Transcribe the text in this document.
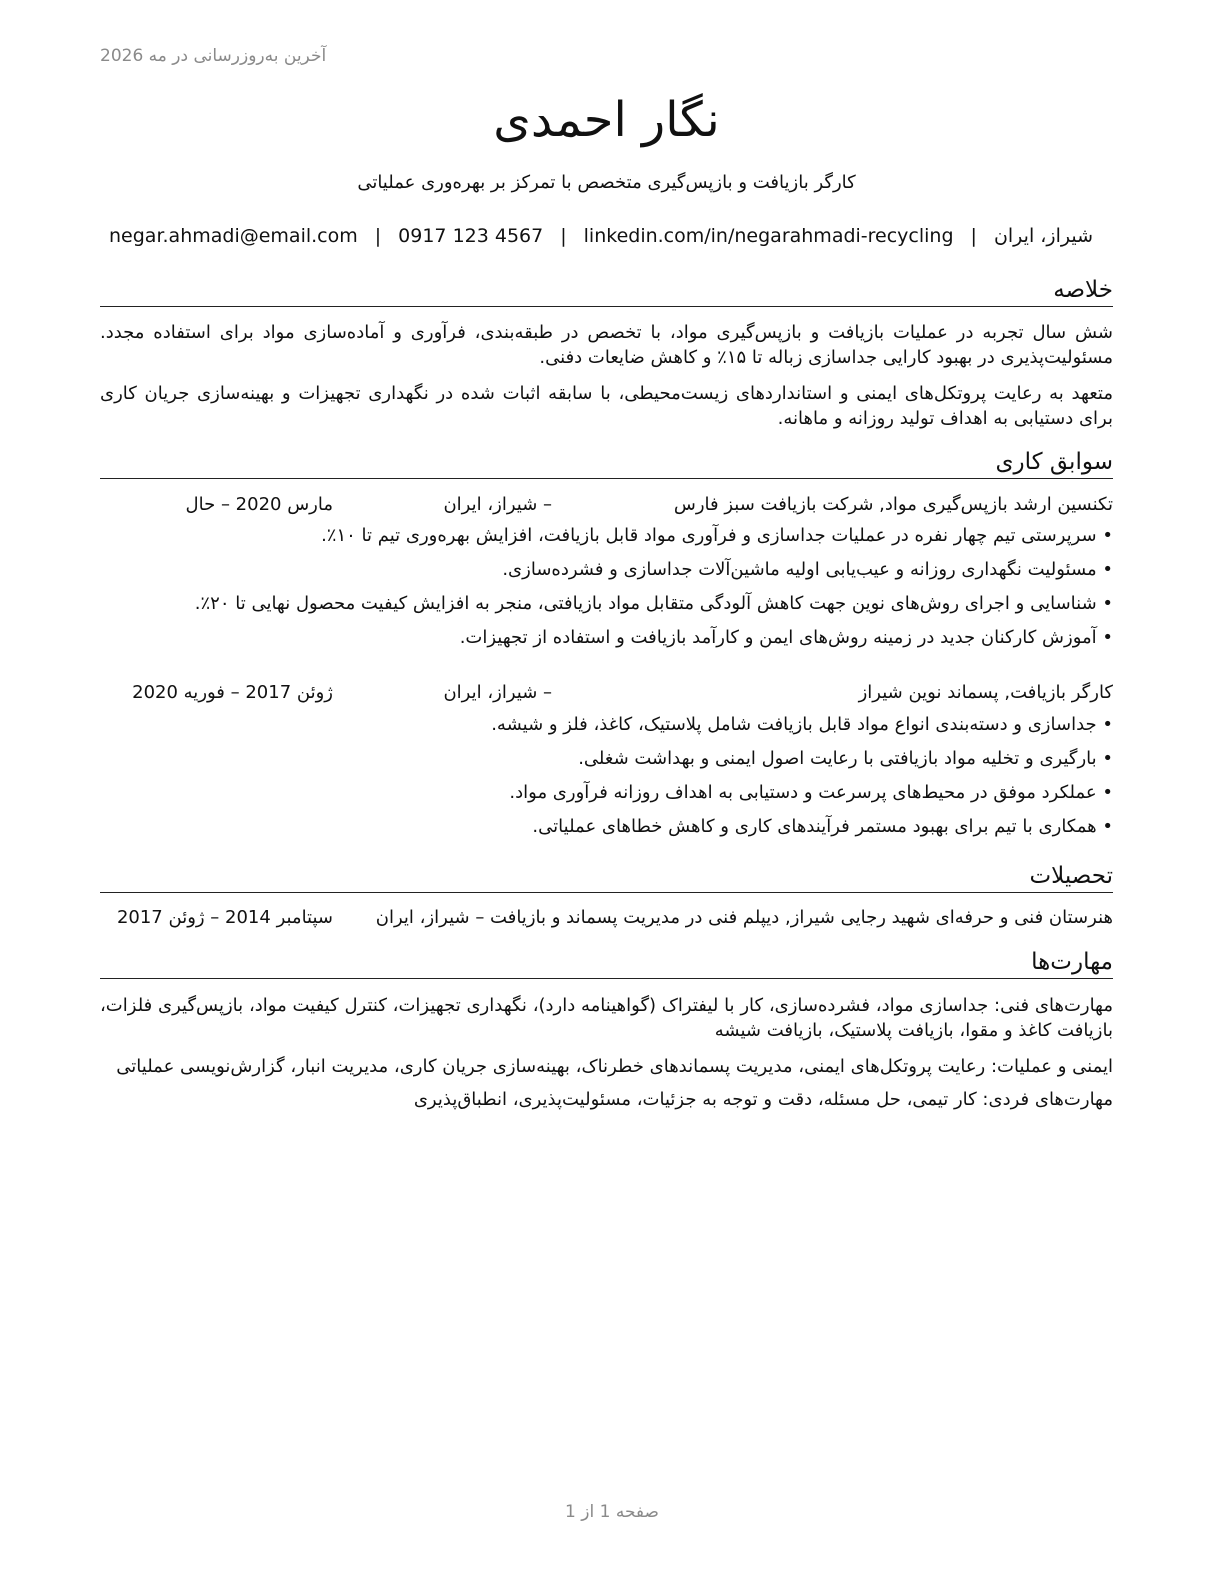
آخرین به‌روزرسانی در مه 2026
نگار احمدی
کارگر بازیافت و بازپس‌گیری متخصص با تمرکز بر بهره‌وری عملیاتی
شیراز، ایران|negar.ahmadi@email.com | 0917 123 4567 | linkedin.com/in/negarahmadi-recycling
خلاصه
شش سال تجربه در عملیات بازیافت و بازپس‌گیری مواد، با تخصص در طبقه‌بندی، فرآوری و آماده‌سازی مواد برای استفاده مجدد. مسئولیت‌پذیری در بهبود کارایی جداسازی زباله تا ۱۵٪ و کاهش ضایعات دفنی.
متعهد به رعایت پروتکل‌های ایمنی و استانداردهای زیست‌محیطی، با سابقه اثبات شده در نگهداری تجهیزات و بهینه‌سازی جریان کاری برای دستیابی به اهداف تولید روزانه و ماهانه.
سوابق کاری
تکنسین ارشد بازپس‌گیری مواد, شرکت بازیافت سبز فارس
– شیراز، ایران
مارس 2020 – حال
• سرپرستی تیم چهار نفره در عملیات جداسازی و فرآوری مواد قابل بازیافت، افزایش بهره‌وری تیم تا ۱۰٪.
• مسئولیت نگهداری روزانه و عیب‌یابی اولیه ماشین‌آلات جداسازی و فشرده‌سازی.
• شناسایی و اجرای روش‌های نوین جهت کاهش آلودگی متقابل مواد بازیافتی، منجر به افزایش کیفیت محصول نهایی تا ۲۰٪.
• آموزش کارکنان جدید در زمینه روش‌های ایمن و کارآمد بازیافت و استفاده از تجهیزات.
کارگر بازیافت, پسماند نوین شیراز
– شیراز، ایران
ژوئن 2017 – فوریه 2020
• جداسازی و دسته‌بندی انواع مواد قابل بازیافت شامل پلاستیک، کاغذ، فلز و شیشه.
• بارگیری و تخلیه مواد بازیافتی با رعایت اصول ایمنی و بهداشت شغلی.
• عملکرد موفق در محیط‌های پرسرعت و دستیابی به اهداف روزانه فرآوری مواد.
• همکاری با تیم برای بهبود مستمر فرآیندهای کاری و کاهش خطاهای عملیاتی.
تحصیلات
هنرستان فنی و حرفه‌ای شهید رجایی شیراز, دیپلم فنی در مدیریت پسماند و بازیافت – شیراز، ایران
سپتامبر 2014 – ژوئن 2017
مهارت‌ها
مهارت‌های فنی: جداسازی مواد، فشرده‌سازی، کار با لیفتراک (گواهینامه دارد)، نگهداری تجهیزات، کنترل کیفیت مواد، بازپس‌گیری فلزات، بازیافت کاغذ و مقوا، بازیافت پلاستیک، بازیافت شیشه
ایمنی و عملیات: رعایت پروتکل‌های ایمنی، مدیریت پسماندهای خطرناک، بهینه‌سازی جریان کاری، مدیریت انبار، گزارش‌نویسی عملیاتی
مهارت‌های فردی: کار تیمی، حل مسئله، دقت و توجه به جزئیات، مسئولیت‌پذیری، انطباق‌پذیری
صفحه 1 از 1
